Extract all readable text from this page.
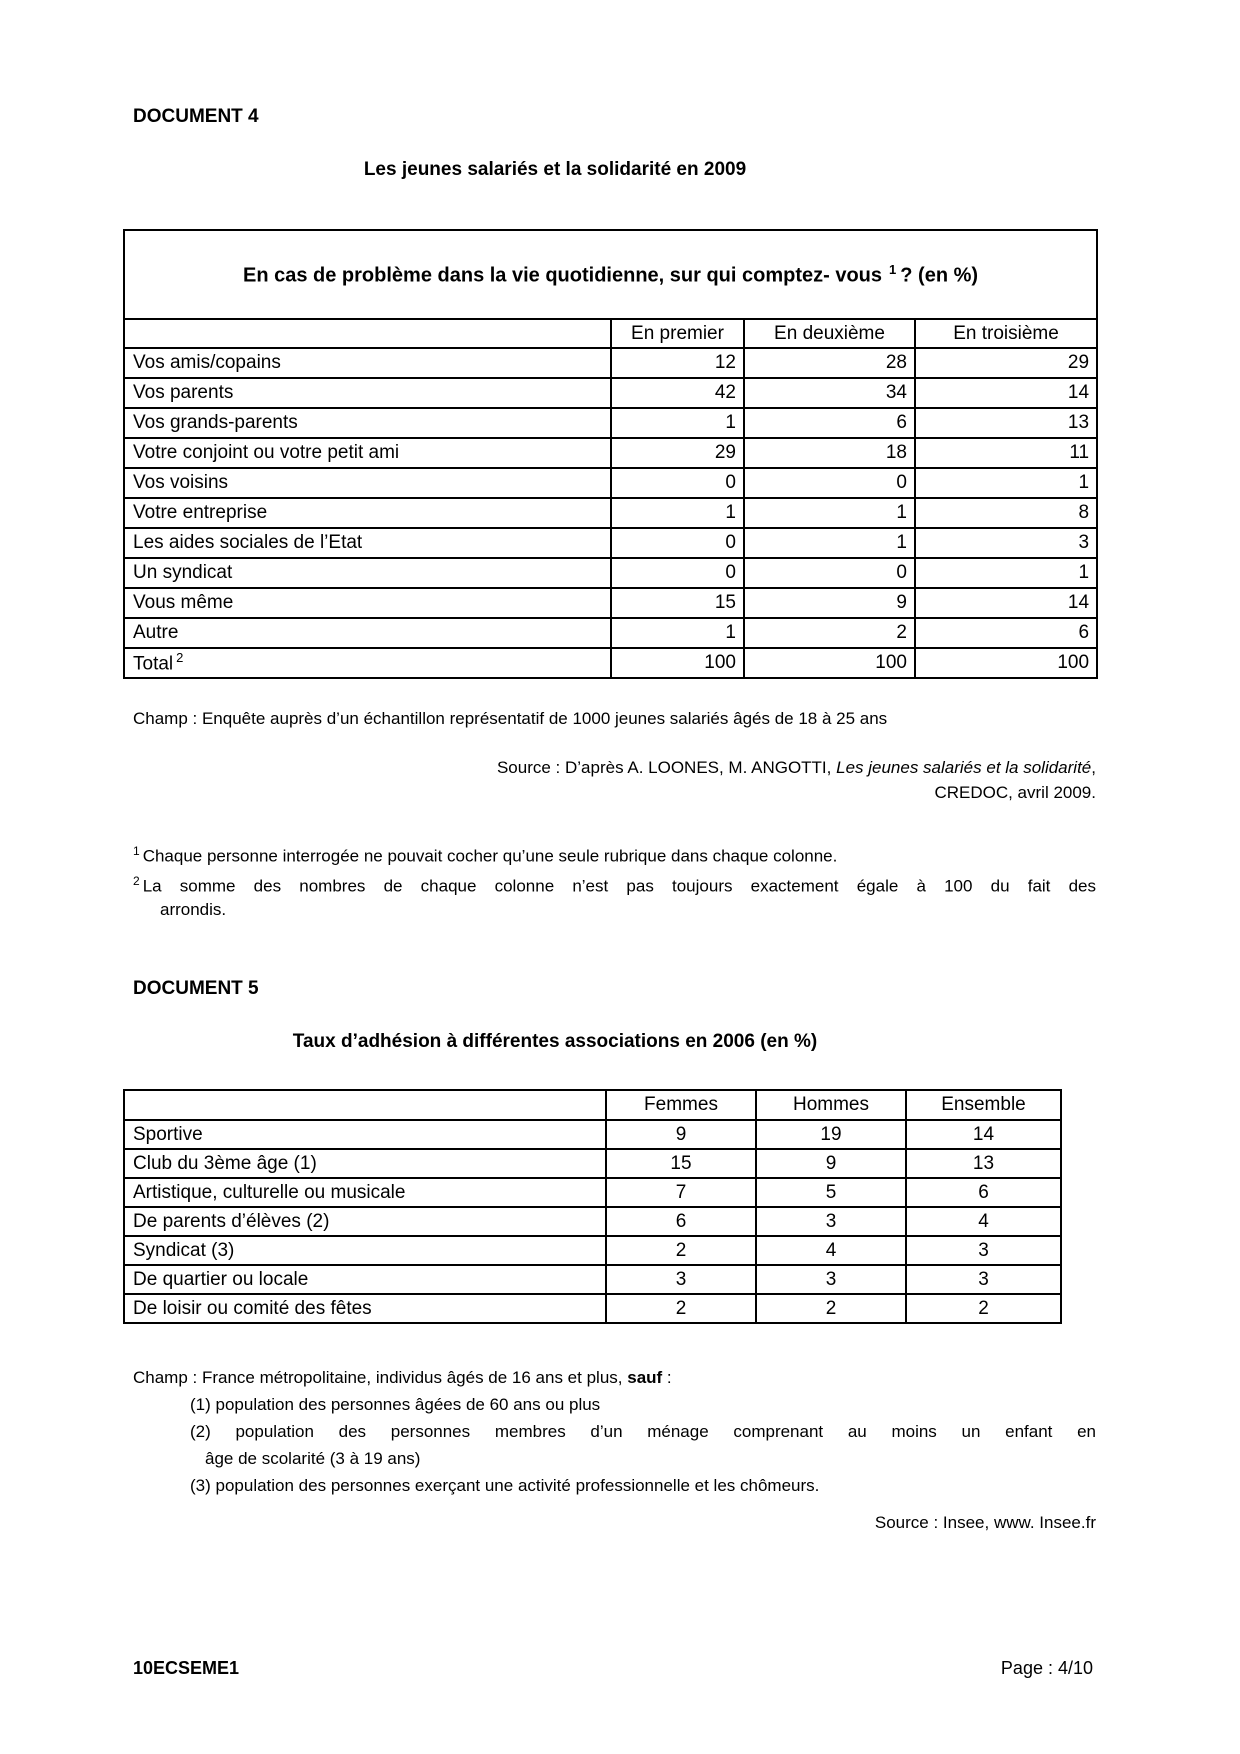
DOCUMENT 4
Les jeunes salariés et la solidarité en 2009
En cas de problème dans la vie quotidienne, sur qui comptez- vous $^1$ ? (en %)			
	En premier	En deuxième	En troisième
Vos amis/copains	12	28	29
Vos parents	42	34	14
Vos grands-parents	1	6	13
Votre conjoint ou votre petit ami	29	18	11
Vos voisins	0	0	1
Votre entreprise	1	1	8
Les aides sociales de l’Etat	0	1	3
Un syndicat	0	0	1
Vous même	15	9	14
Autre	1	2	6
Total $^2$	100	100	100
Champ : Enquête auprès d’un échantillon représentatif de 1000 jeunes salariés âgés de 18 à 25 ans
Source : D’après A. LOONES, M. ANGOTTI, Les jeunes salariés et la solidarité,
CREDOC, avril 2009.
$^1$ Chaque personne interrogée ne pouvait cocher qu’une seule rubrique dans chaque colonne.
$^2$ La somme des nombres de chaque colonne n’est pas toujours exactement égale à 100 du fait des
arrondis.
DOCUMENT 5
Taux d’adhésion à différentes associations en 2006 (en %)
	Femmes	Hommes	Ensemble
Sportive	9	19	14
Club du 3ème âge (1)	15	9	13
Artistique, culturelle ou musicale	7	5	6
De parents d’élèves (2)	6	3	4
Syndicat (3)	2	4	3
De quartier ou locale	3	3	3
De loisir ou comité des fêtes	2	2	2
Champ : France métropolitaine, individus âgés de 16 ans et plus, sauf :
(1) population des personnes âgées de 60 ans ou plus
(2) population des personnes membres d’un ménage comprenant au moins un enfant en
âge de scolarité (3 à 19 ans)
(3) population des personnes exerçant une activité professionnelle et les chômeurs.
Source : Insee, www. Insee.fr
10ECSEME1	Page : 4/10
